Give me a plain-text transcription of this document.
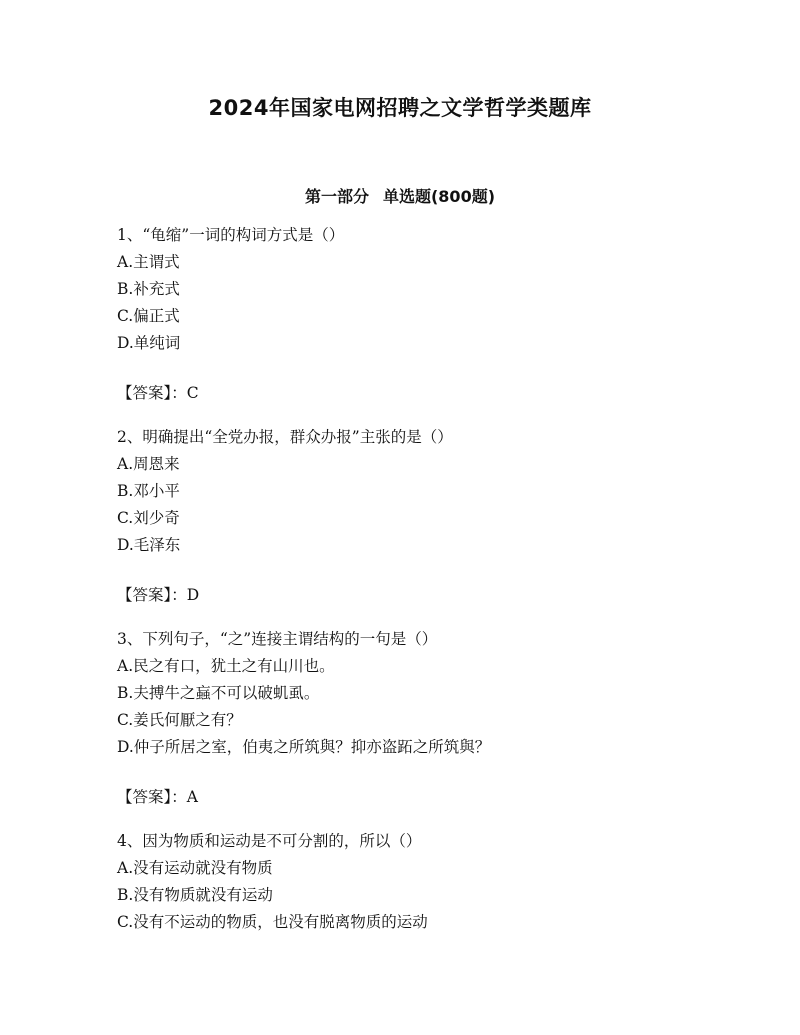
2024年国家电网招聘之文学哲学类题库
第一部分 单选题(800题)

1、“龟缩”一词的构词方式是（）

A.主谓式

B.补充式

C.偏正式

D.单纯词

【答案】：C

2、明确提出“全党办报，群众办报”主张的是（）

A.周恩来

B.邓小平

C.刘少奇

D.毛泽东

【答案】：D

3、下列句子，“之”连接主谓结构的一句是（）

A.民之有口，犹土之有山川也。

B.夫搏牛之蝱不可以破虮虱。

C.姜氏何厭之有？

D.仲子所居之室，伯夷之所筑與？抑亦盗跖之所筑與？

【答案】：A

4、因为物质和运动是不可分割的，所以（）

A.没有运动就没有物质

B.没有物质就没有运动

C.没有不运动的物质，也没有脱离物质的运动
